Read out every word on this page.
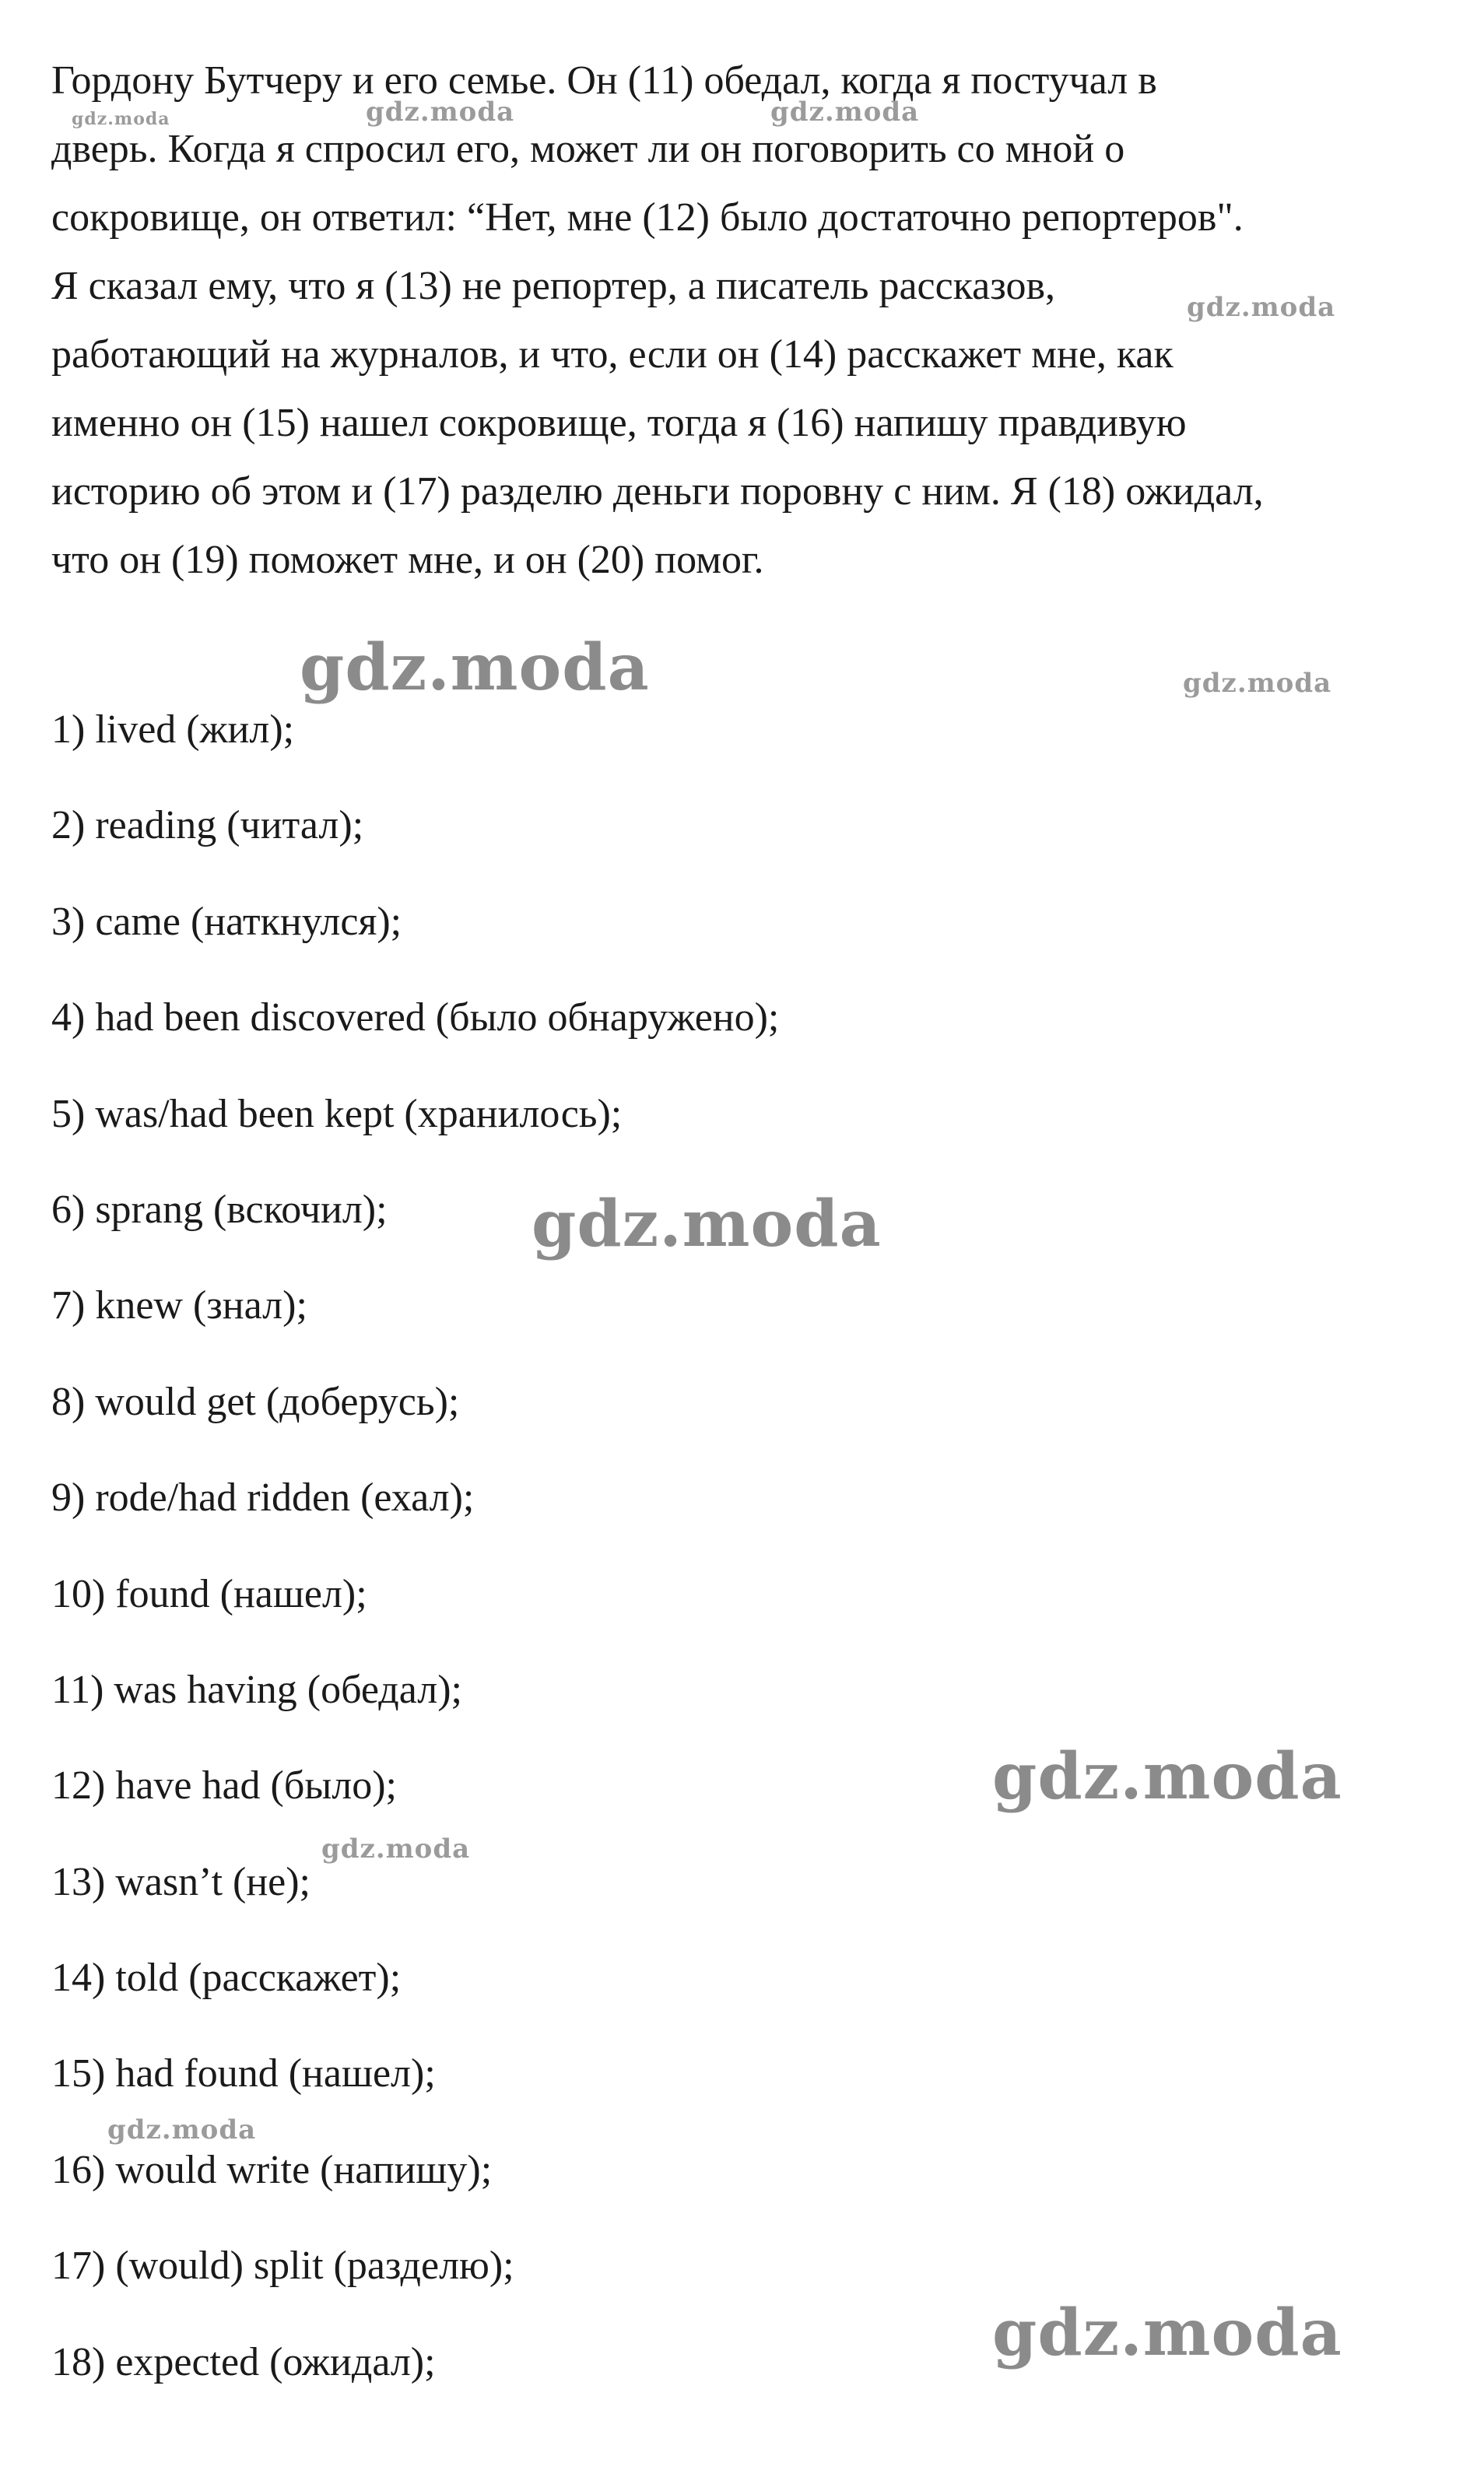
Гордону Бутчеру и его семье. Он (11) обедал, когда я постучал в
дверь. Когда я спросил его, может ли он поговорить со мной о
сокровище, он ответил: “Нет, мне (12) было достаточно репортеров".
Я сказал ему, что я (13) не репортер, а писатель рассказов,
работающий на журналов, и что, если он (14) расскажет мне, как
именно он (15) нашел сокровище, тогда я (16) напишу правдивую
историю об этом и (17) разделю деньги поровну с ним. Я (18) ожидал,
что он (19) поможет мне, и он (20) помог.
1) lived (жил);
2) reading (читал);
3) came (наткнулся);
4) had been discovered (было обнаружено);
5) was/had been kept (хранилось);
6) sprang (вскочил);
7) knew (знал);
8) would get (доберусь);
9) rode/had ridden (ехал);
10) found (нашел);
11) was having (обедал);
12) have had (было);
13) wasn’t (не);
14) told (расскажет);
15) had found (нашел);
16) would write (напишу);
17) (would) split (разделю);
18) expected (ожидал);
gdz.moda	gdz.moda	gdz.moda
gdz.moda
gdz.moda	gdz.moda
gdz.moda
gdz.moda
gdz.moda
gdz.moda
gdz.moda
